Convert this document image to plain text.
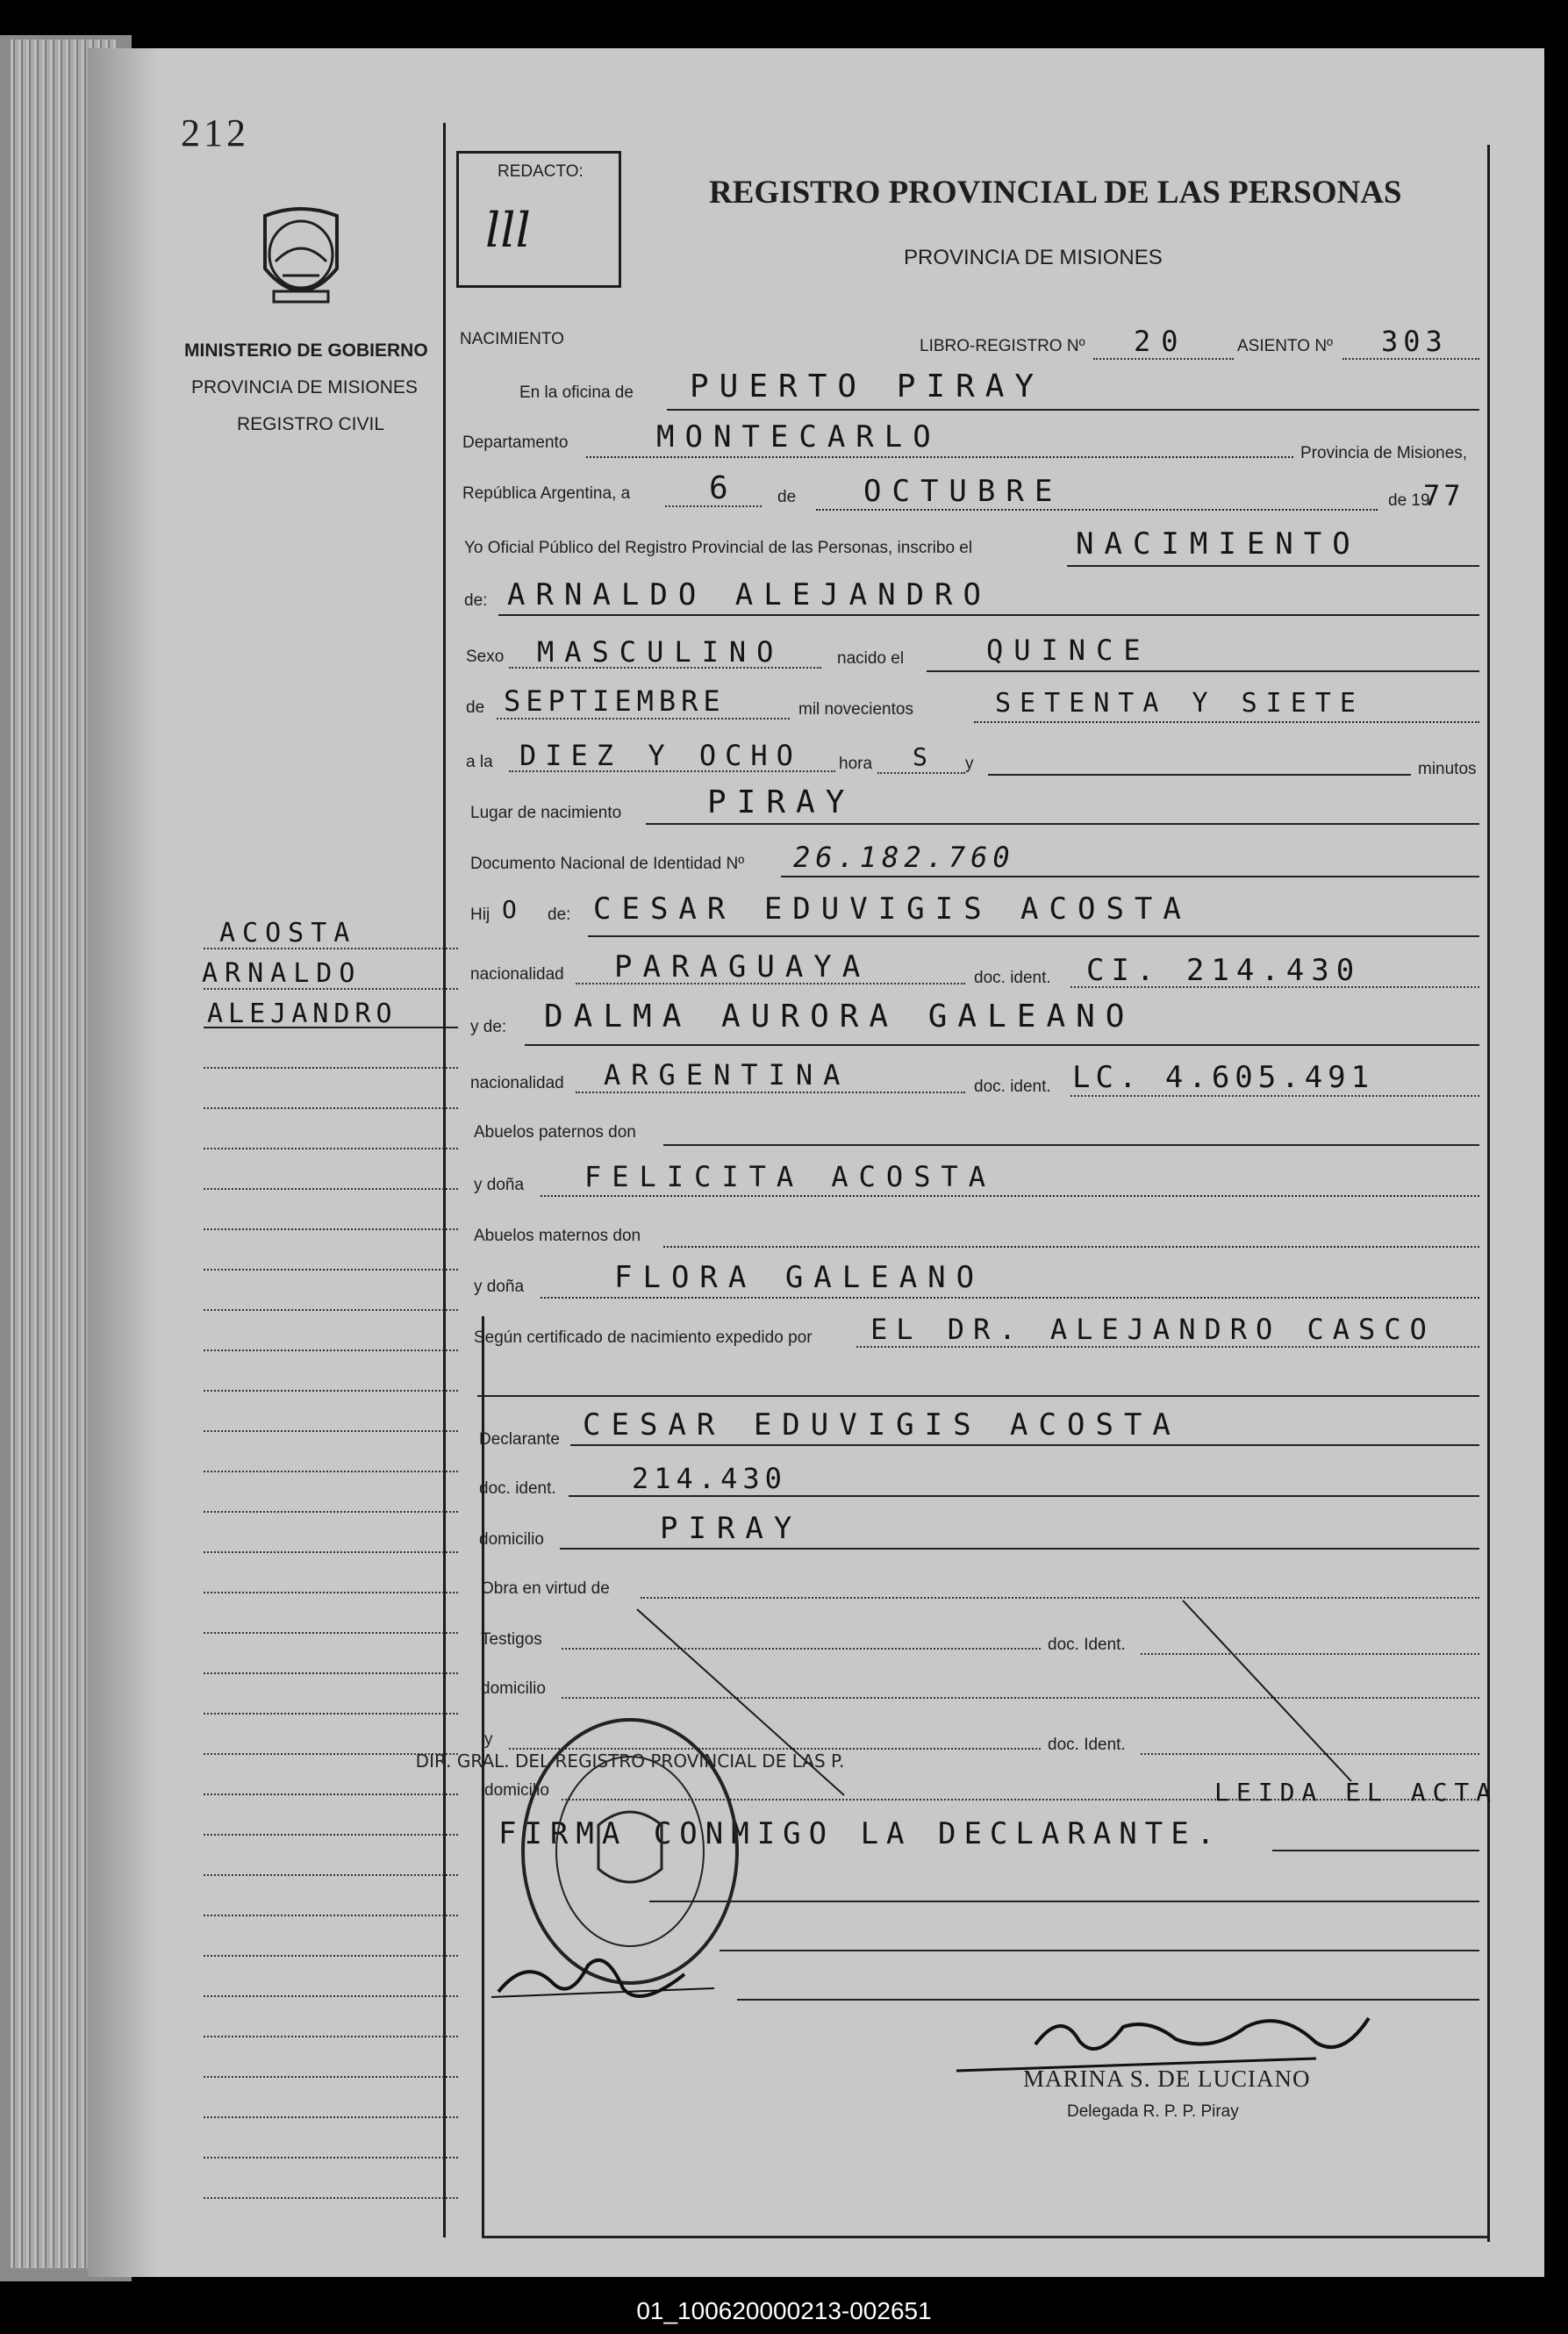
212
MINISTERIO DE GOBIERNO
PROVINCIA DE MISIONES
REGISTRO CIVIL
REDACTO:
lll
REGISTRO PROVINCIAL DE LAS PERSONAS
PROVINCIA DE MISIONES
NACIMIENTO	LIBRO-REGISTRO Nº 20	ASIENTO Nº 303
En la oficina de PUERTO PIRAY
Departamento	MONTECARLO	Provincia de Misiones,
República Argentina, a 6 de OCTUBRE	de 19
77
Yo Oficial Público del Registro Provincial de las Personas, inscribo el	NACIMIENTO
de: ARNALDO ALEJANDRO
Sexo MASCULINO	nacido el	QUINCE
de SEPTIEMBRE	mil novecientos	SETENTA Y SIETE
a la DIEZ Y OCHO hora S y	minutos
Lugar de nacimiento	PIRAY
Documento Nacional de Identidad Nº 26.182.760
Hij O de: CESAR EDUVIGIS ACOSTA
nacionalidad PARAGUAYA	doc. ident. CI. 214.430
y de: DALMA AURORA GALEANO
nacionalidad ARGENTINA	doc. ident. LC. 4.605.491
Abuelos paternos don
y doña FELICITA ACOSTA
Abuelos maternos don
y doña	FLORA GALEANO
Según certificado de nacimiento expedido por EL DR. ALEJANDRO CASCO
Declarante CESAR EDUVIGIS ACOSTA
doc. ident.	214.430
domicilio	PIRAY
Obra en virtud de
Testigos	doc. Ident.
domicilio
y	doc. Ident.
domicilio	LEIDA EL ACTA
FIRMA CONMIGO LA DECLARANTE.
DIR. GRAL. DEL REGISTRO PROVINCIAL DE LAS P.
MARINA S. DE LUCIANO
Delegada R. P. P. Piray
ACOSTA
ARNALDO
ALEJANDRO
01_100620000213-002651
